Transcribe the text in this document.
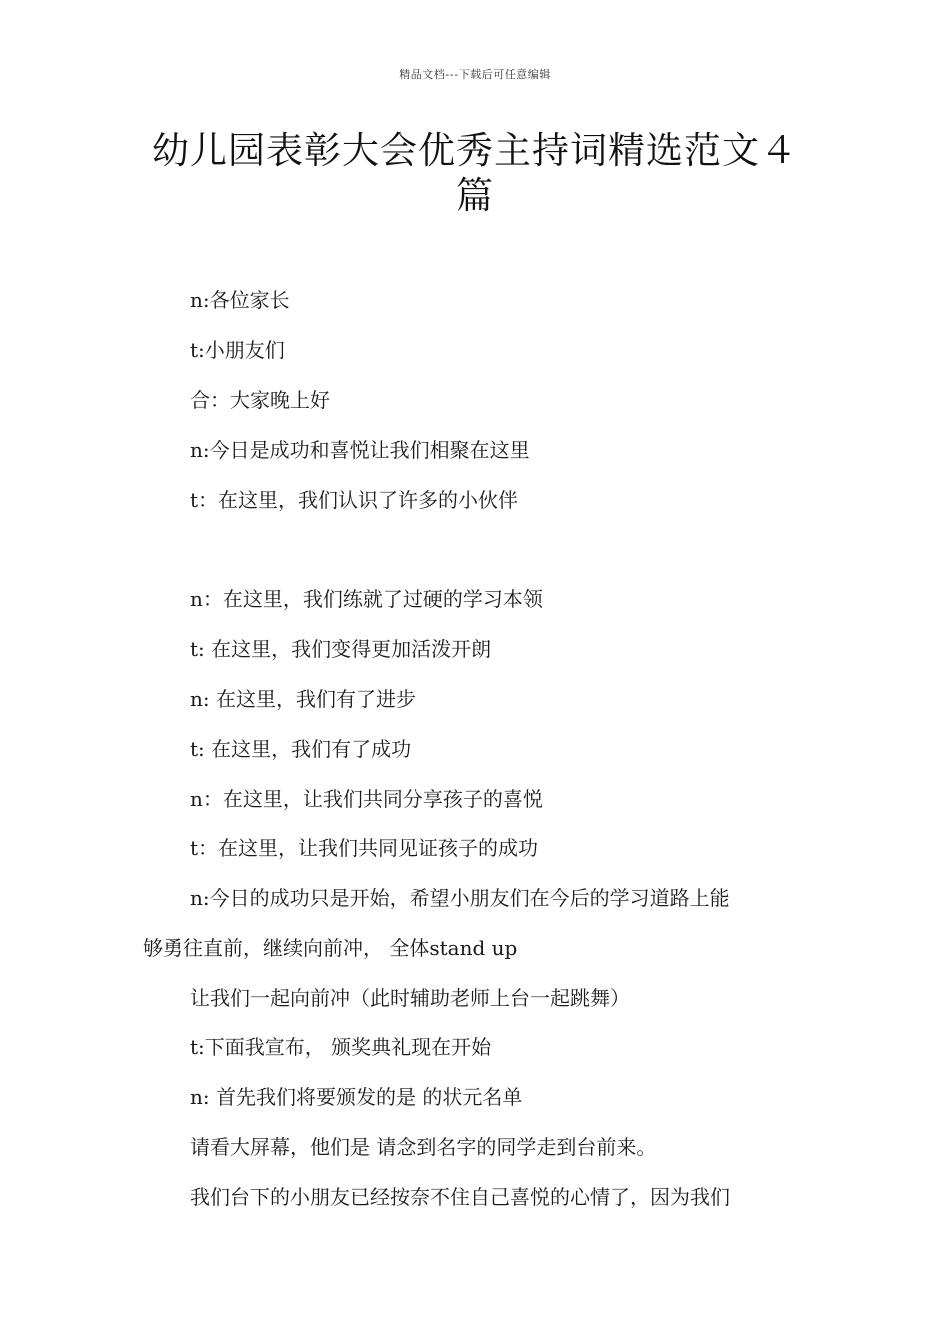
精品文档---下载后可任意编辑
幼儿园表彰大会优秀主持词精选范文４
篇
n:各位家长
t:小朋友们
合：大家晚上好
n:今日是成功和喜悦让我们相聚在这里
t：在这里，我们认识了许多的小伙伴
n：在这里，我们练就了过硬的学习本领
t: 在这里，我们变得更加活泼开朗
n: 在这里，我们有了进步
t: 在这里，我们有了成功
n：在这里，让我们共同分享孩子的喜悦
t：在这里，让我们共同见证孩子的成功
n:今日的成功只是开始，希望小朋友们在今后的学习道路上能
够勇往直前，继续向前冲， 全体stand up
让我们一起向前冲（此时辅助老师上台一起跳舞）
t:下面我宣布， 颁奖典礼现在开始
n: 首先我们将要颁发的是 的状元名单
请看大屏幕，他们是 请念到名字的同学走到台前来。
我们台下的小朋友已经按奈不住自己喜悦的心情了，因为我们
